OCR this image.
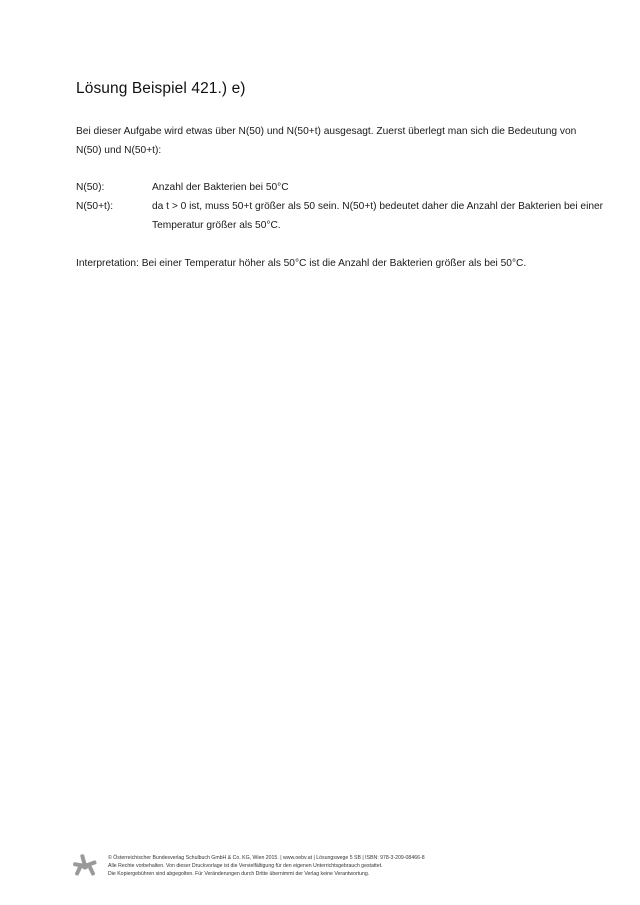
Lösung Beispiel 421.) e)

Bei dieser Aufgabe wird etwas über N(50) und N(50+t) ausgesagt. Zuerst überlegt man sich die Bedeutung von N(50) und N(50+t):

N(50):	Anzahl der Bakterien bei 50°C
N(50+t):	da t > 0 ist, muss 50+t größer als 50 sein. N(50+t) bedeutet daher die Anzahl der Bakterien bei einer Temperatur größer als 50°C.

Interpretation: Bei einer Temperatur höher als 50°C ist die Anzahl der Bakterien größer als bei 50°C.

© Österreichischer Bundesverlag Schulbuch GmbH & Co. KG, Wien 2015. | www.oebv.at | Lösungswege 5 SB | ISBN: 978-3-209-08466-8
Alle Rechte vorbehalten. Von dieser Druckvorlage ist die Vervielfältigung für den eigenen Unterrichtsgebrauch gestattet.
Die Kopiergebühren sind abgegolten. Für Veränderungen durch Dritte übernimmt der Verlag keine Verantwortung.
